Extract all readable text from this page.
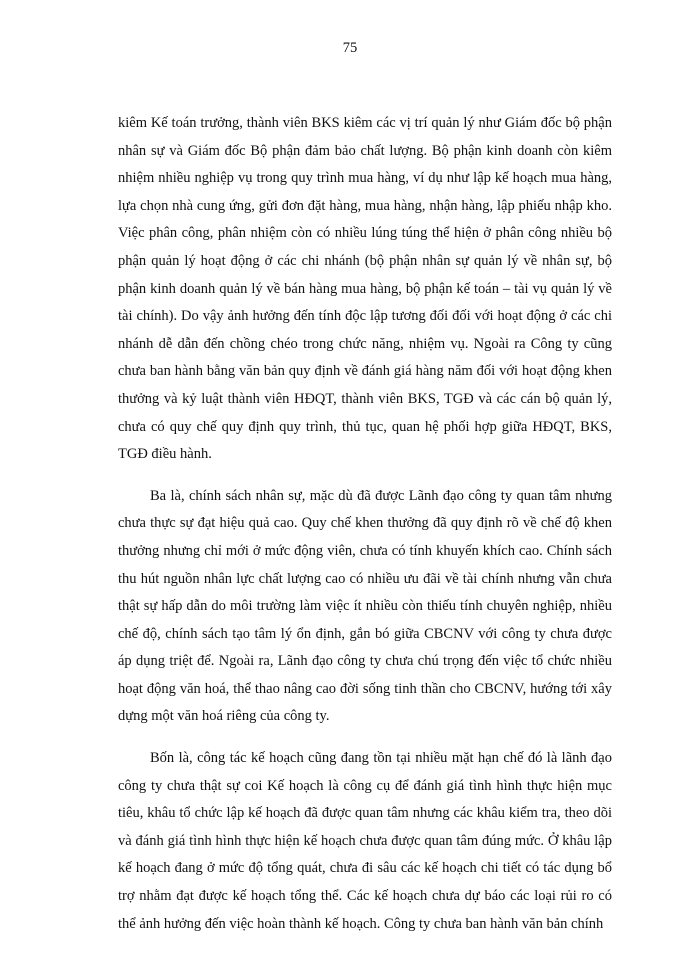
75

kiêm Kế toán trưởng, thành viên BKS kiêm các vị trí quản lý như Giám đốc bộ phận nhân sự và Giám đốc Bộ phận đảm bảo chất lượng. Bộ phận kinh doanh còn kiêm nhiệm nhiều nghiệp vụ trong quy trình mua hàng, ví dụ như lập kế hoạch mua hàng, lựa chọn nhà cung ứng, gửi đơn đặt hàng, mua hàng, nhận hàng, lập phiếu nhập kho. Việc phân công, phân nhiệm còn có nhiều lúng túng thể hiện ở phân công nhiều bộ phận quản lý hoạt động ở các chi nhánh (bộ phận nhân sự quản lý về nhân sự, bộ phận kinh doanh quản lý về bán hàng mua hàng, bộ phận kế toán – tài vụ quản lý về tài chính). Do vậy ảnh hưởng đến tính độc lập tương đối đối với hoạt động ở các chi nhánh dễ dẫn đến chồng chéo trong chức năng, nhiệm vụ. Ngoài ra Công ty cũng chưa ban hành bằng văn bản quy định về đánh giá hàng năm đối với hoạt động khen thưởng và kỷ luật thành viên HĐQT, thành viên BKS, TGĐ và các cán bộ quản lý, chưa có quy chế quy định quy trình, thủ tục, quan hệ phối hợp giữa HĐQT, BKS, TGĐ điều hành.

Ba là, chính sách nhân sự, mặc dù đã được Lãnh đạo công ty quan tâm nhưng chưa thực sự đạt hiệu quả cao. Quy chế khen thưởng đã quy định rõ về chế độ khen thưởng nhưng chỉ mới ở mức động viên, chưa có tính khuyến khích cao. Chính sách thu hút nguồn nhân lực chất lượng cao có nhiều ưu đãi về tài chính nhưng vẫn chưa thật sự hấp dẫn do môi trường làm việc ít nhiều còn thiếu tính chuyên nghiệp, nhiều chế độ, chính sách tạo tâm lý ổn định, gắn bó giữa CBCNV với công ty chưa được áp dụng triệt để. Ngoài ra, Lãnh đạo công ty chưa chú trọng đến việc tổ chức nhiều hoạt động văn hoá, thể thao nâng cao đời sống tinh thần cho CBCNV, hướng tới xây dựng một văn hoá riêng của công ty.

Bốn là, công tác kế hoạch cũng đang tồn tại nhiều mặt hạn chế đó là lãnh đạo công ty chưa thật sự coi Kế hoạch là công cụ để đánh giá tình hình thực hiện mục tiêu, khâu tổ chức lập kế hoạch đã được quan tâm nhưng các khâu kiểm tra, theo dõi và đánh giá tình hình thực hiện kế hoạch chưa được quan tâm đúng mức. Ở khâu lập kế hoạch đang ở mức độ tổng quát, chưa đi sâu các kế hoạch chi tiết có tác dụng bổ trợ nhằm đạt được kế hoạch tổng thể. Các kế hoạch chưa dự báo các loại rủi ro có thể ảnh hưởng đến việc hoàn thành kế hoạch. Công ty chưa ban hành văn bản chính
